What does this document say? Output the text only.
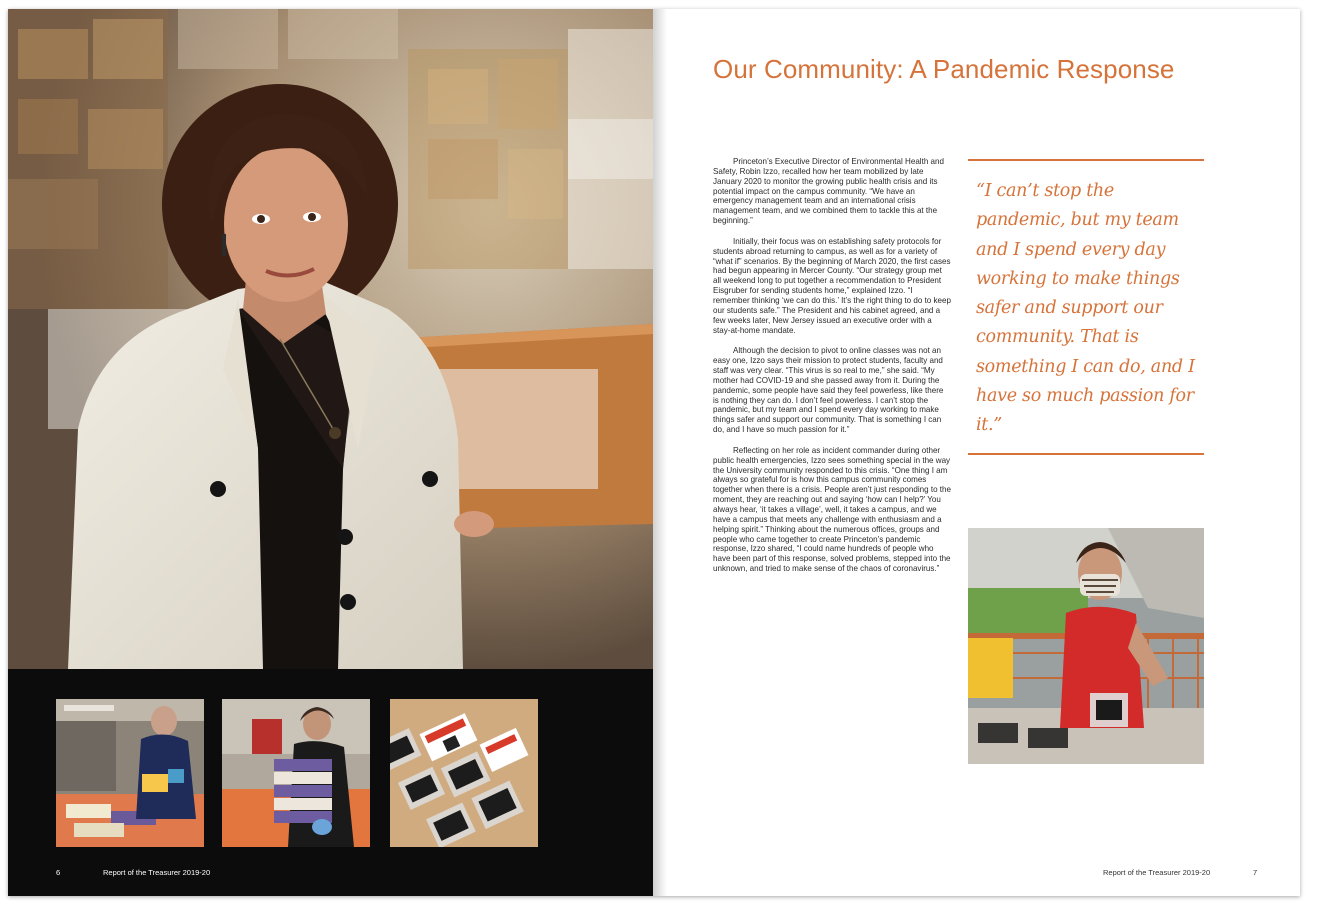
6	Report of the Treasurer 2019-20
Our Community: A Pandemic Response

Princeton’s Executive Director of Environmental Health and Safety, Robin Izzo, recalled how her team mobilized by late January 2020 to monitor the growing public health crisis and its potential impact on the campus community. “We have an emergency management team and an international crisis management team, and we combined them to tackle this at the beginning.”

Initially, their focus was on establishing safety protocols for students abroad returning to campus, as well as for a variety of “what if” scenarios. By the beginning of March 2020, the first cases had begun appearing in Mercer County. “Our strategy group met all weekend long to put together a recommendation to President Eisgruber for sending students home,” explained Izzo. “I remember thinking ‘we can do this.’ It’s the right thing to do to keep our students safe.” The President and his cabinet agreed, and a few weeks later, New Jersey issued an executive order with a stay-at-home mandate.

Although the decision to pivot to online classes was not an easy one, Izzo says their mission to protect students, faculty and staff was very clear. “This virus is so real to me,” she said. “My mother had COVID-19 and she passed away from it. During the pandemic, some people have said they feel powerless, like there is nothing they can do. I don’t feel powerless. I can’t stop the pandemic, but my team and I spend every day working to make things safer and support our community. That is something I can do, and I have so much passion for it.”

Reflecting on her role as incident commander during other public health emergencies, Izzo sees something special in the way the University community responded to this crisis. “One thing I am always so grateful for is how this campus community comes together when there is a crisis. People aren’t just responding to the moment, they are reaching out and saying ‘how can I help?’ You always hear, ‘it takes a village’, well, it takes a campus, and we have a campus that meets any challenge with enthusiasm and a helping spirit.” Thinking about the numerous offices, groups and people who came together to create Princeton’s pandemic response, Izzo shared, “I could name hundreds of people who have been part of this response, solved problems, stepped into the unknown, and tried to make sense of the chaos of coronavirus.”

“I can’t stop the pandemic, but my team and I spend every day working to make things safer and support our community. That is something I can do, and I have so much passion for it.”
Report of the Treasurer 2019-20	7
